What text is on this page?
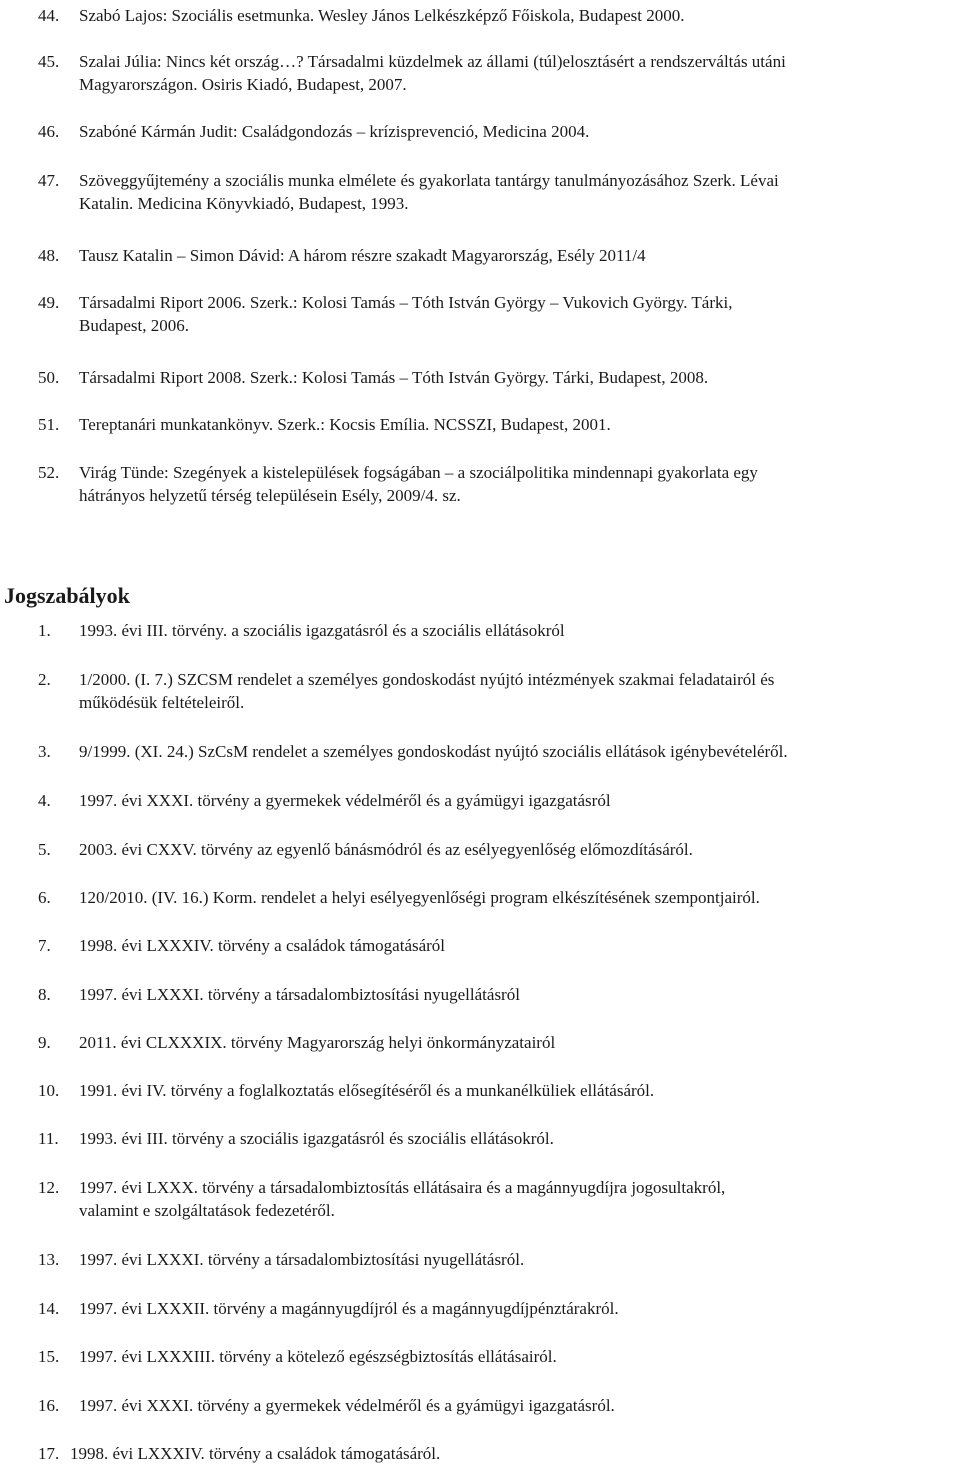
44. Szabó Lajos: Szociális esetmunka. Wesley János Lelkészképző Főiskola, Budapest 2000.
45. Szalai Júlia: Nincs két ország…? Társadalmi küzdelmek az állami (túl)elosztásért a rendszerváltás utáni
Magyarországon. Osiris Kiadó, Budapest, 2007.
46. Szabóné Kármán Judit: Családgondozás – krízisprevenció, Medicina 2004.
47. Szöveggyűjtemény a szociális munka elmélete és gyakorlata tantárgy tanulmányozásához Szerk. Lévai
Katalin. Medicina Könyvkiadó, Budapest, 1993.
48. Tausz Katalin – Simon Dávid: A három részre szakadt Magyarország, Esély 2011/4
49. Társadalmi Riport 2006. Szerk.: Kolosi Tamás – Tóth István György – Vukovich György. Tárki,
Budapest, 2006.
50. Társadalmi Riport 2008. Szerk.: Kolosi Tamás – Tóth István György. Tárki, Budapest, 2008.
51. Tereptanári munkatankönyv. Szerk.: Kocsis Emília. NCSSZI, Budapest, 2001.
52. Virág Tünde: Szegények a kistelepülések fogságában – a szociálpolitika mindennapi gyakorlata egy
hátrányos helyzetű térség településein Esély, 2009/4. sz.
Jogszabályok
1. 1993. évi III. törvény. a szociális igazgatásról és a szociális ellátásokról
2. 1/2000. (I. 7.) SZCSM rendelet a személyes gondoskodást nyújtó intézmények szakmai feladatairól és
működésük feltételeiről.
3. 9/1999. (XI. 24.) SzCsM rendelet a személyes gondoskodást nyújtó szociális ellátások igénybevételéről.
4. 1997. évi XXXI. törvény a gyermekek védelméről és a gyámügyi igazgatásról
5. 2003. évi CXXV. törvény az egyenlő bánásmódról és az esélyegyenlőség előmozdításáról.
6. 120/2010. (IV. 16.) Korm. rendelet a helyi esélyegyenlőségi program elkészítésének szempontjairól.
7. 1998. évi LXXXIV. törvény a családok támogatásáról
8. 1997. évi LXXXI. törvény a társadalombiztosítási nyugellátásról
9. 2011. évi CLXXXIX. törvény Magyarország helyi önkormányzatairól
10. 1991. évi IV. törvény a foglalkoztatás elősegítéséről és a munkanélküliek ellátásáról.
11. 1993. évi III. törvény a szociális igazgatásról és szociális ellátásokról.
12. 1997. évi LXXX. törvény a társadalombiztosítás ellátásaira és a magánnyugdíjra jogosultakról,
valamint e szolgáltatások fedezetéről.
13. 1997. évi LXXXI. törvény a társadalombiztosítási nyugellátásról.
14. 1997. évi LXXXII. törvény a magánnyugdíjról és a magánnyugdíjpénztárakról.
15. 1997. évi LXXXIII. törvény a kötelező egészségbiztosítás ellátásairól.
16. 1997. évi XXXI. törvény a gyermekek védelméről és a gyámügyi igazgatásról.
17. 1998. évi LXXXIV. törvény a családok támogatásáról.
